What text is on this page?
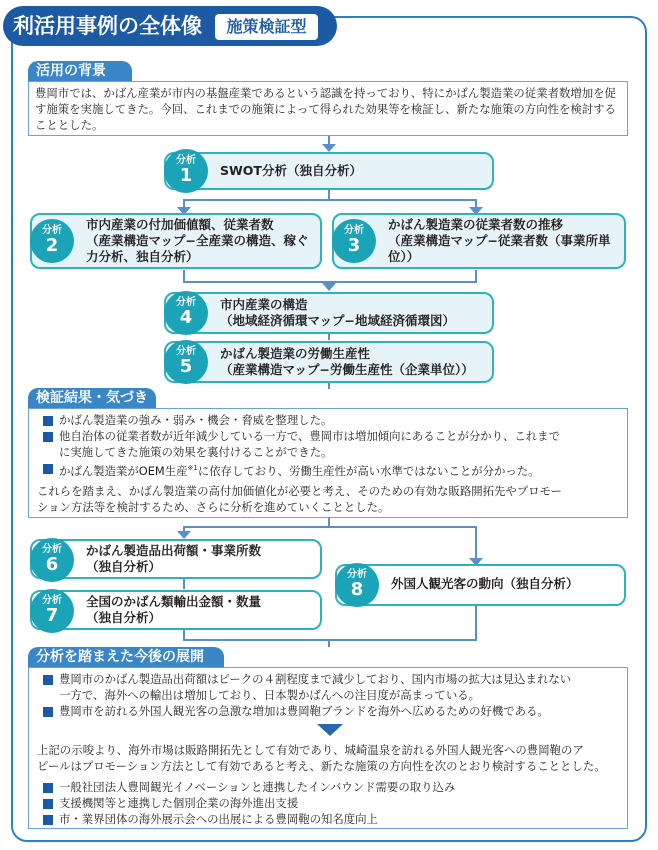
利活用事例の全体像	施策検証型
活用の背景
豊岡市では、かばん産業が市内の基盤産業であるという認識を持っており、特にかばん製造業の従業者数増加を促す施策を実施してきた。今回、これまでの施策によって得られた効果等を検証し、新たな施策の方向性を検討することとした。
SWOT分析（独自分析）
分析
1
市内産業の付加価値額、従業者数
（産業構造マップ−全産業の構造、稼ぐ
力分析、独自分析）
分析
2
かばん製造業の従業者数の推移
（産業構造マップ−従業者数（事業所単
位））
分析
3
市内産業の構造
（地域経済循環マップ−地域経済循環図）
分析
4
かばん製造業の労働生産性
（産業構造マップ−労働生産性（企業単位））
分析
5
検証結果・気づき
かばん製造業の強み・弱み・機会・脅威を整理した。
他自治体の従業者数が近年減少している一方で、豊岡市は増加傾向にあることが分かり、これまで
に実施してきた施策の効果を裏付けることができた。
かばん製造業がOEM生産$^{※1}$に依存しており、労働生産性が高い水準ではないことが分かった。
これらを踏まえ、かばん製造業の高付加価値化が必要と考え、そのための有効な販路開拓先やプロモー
ション方法等を検討するため、さらに分析を進めていくこととした。
かばん製造品出荷額・事業所数
（独自分析）
分析
6
全国のかばん類輸出金額・数量
（独自分析）
分析
7
外国人観光客の動向（独自分析）
分析
8
分析を踏まえた今後の展開
豊岡市のかばん製造品出荷額はピークの４割程度まで減少しており、国内市場の拡大は見込まれない
一方で、海外への輸出は増加しており、日本製かばんへの注目度が高まっている。
豊岡市を訪れる外国人観光客の急激な増加は豊岡鞄ブランドを海外へ広めるための好機である。
上記の示唆より、海外市場は販路開拓先として有効であり、城崎温泉を訪れる外国人観光客への豊岡鞄のア
ピールはプロモーション方法として有効であると考え、新たな施策の方向性を次のとおり検討することとした。
一般社団法人豊岡観光イノベーションと連携したインバウンド需要の取り込み
支援機関等と連携した個別企業の海外進出支援
市・業界団体の海外展示会への出展による豊岡鞄の知名度向上
